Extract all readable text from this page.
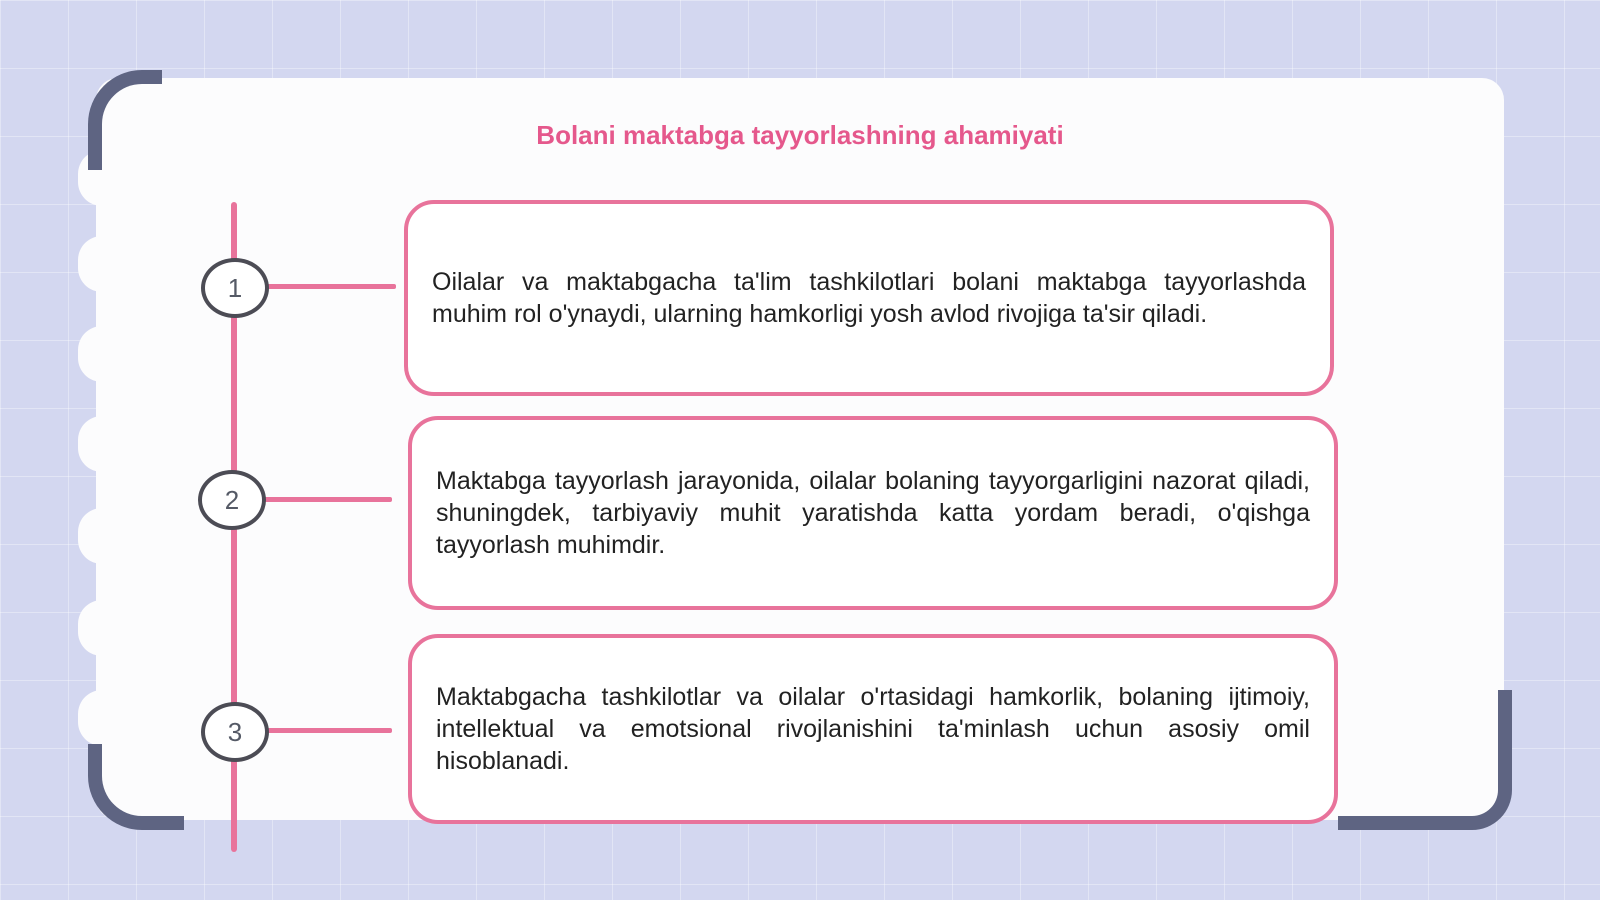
Bolani maktabga tayyorlashning ahamiyati
1	Oilalar va maktabgacha ta'lim tashkilotlari bolani maktabga tayyorlashda muhim rol o'ynaydi, ularning hamkorligi yosh avlod rivojiga ta'sir qiladi.

2

Maktabga tayyorlash jarayonida, oilalar bolaning tayyorgarligini nazorat qiladi, shuningdek, tarbiyaviy muhit yaratishda katta yordam beradi, o'qishga tayyorlash muhimdir.

3

Maktabgacha tashkilotlar va oilalar o'rtasidagi hamkorlik, bolaning ijtimoiy, intellektual va emotsional rivojlanishini ta'minlash uchun asosiy omil hisoblanadi.
